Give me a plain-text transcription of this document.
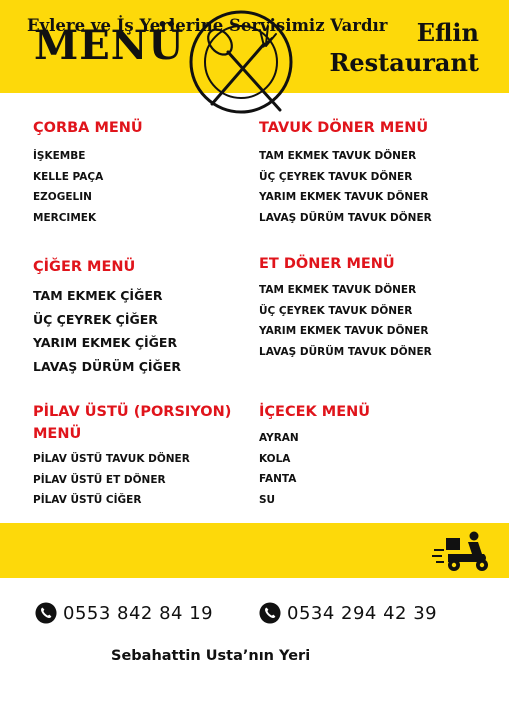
MENÜ	Eflin
Restaurant
ÇORBA MENÜ
İŞKEMBE
KELLE PAÇA
EZOGELIN
MERCIMEK
TAVUK DÖNER MENÜ
TAM EKMEK TAVUK DÖNER
ÜÇ ÇEYREK TAVUK DÖNER
YARIM EKMEK TAVUK DÖNER
LAVAŞ DÜRÜM TAVUK DÖNER
ÇİĞER MENÜ
TAM EKMEK ÇİĞER
ÜÇ ÇEYREK ÇİĞER
YARIM EKMEK ÇİĞER
LAVAŞ DÜRÜM ÇİĞER
ET DÖNER MENÜ
TAM EKMEK TAVUK DÖNER
ÜÇ ÇEYREK TAVUK DÖNER
YARIM EKMEK TAVUK DÖNER
LAVAŞ DÜRÜM TAVUK DÖNER
PİLAV ÜSTÜ (PORSIYON)
MENÜ
PİLAV ÜSTÜ TAVUK DÖNER
PİLAV ÜSTÜ ET DÖNER
PİLAV ÜSTÜ CİĞER
İÇECEK MENÜ
AYRAN
KOLA
FANTA
SU
Evlere ve İş Yerlerine Servisimiz Vardır
0553 842 84 19	0534 294 42 39
Sebahattin Usta’nın Yeri
